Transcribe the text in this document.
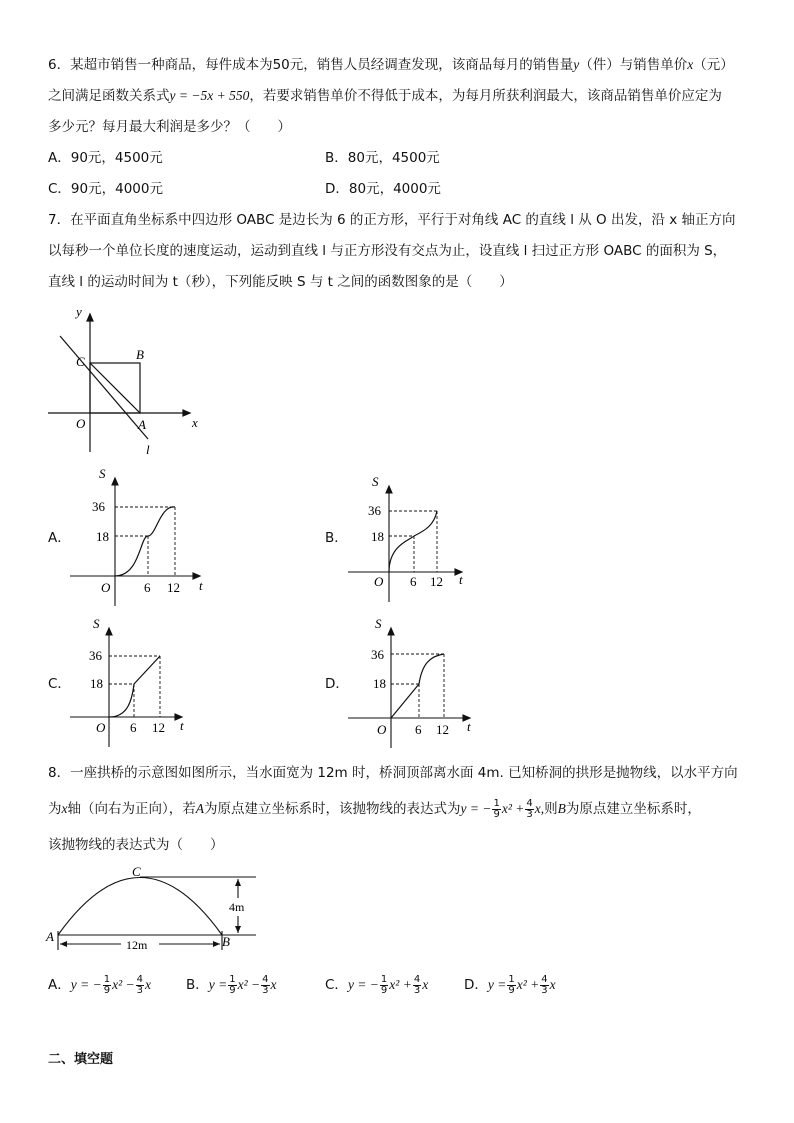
6．某超市销售一种商品，每件成本为50元，销售人员经调查发现，该商品每月的销售量y（件）与销售单价x（元）
之间满足函数关系式y = −5x + 550，若要求销售单价不得低于成本，为每月所获利润最大，该商品销售单价应定为
多少元？每月最大利润是多少？（　　）
A．90元，4500元	B．80元，4500元
C．90元，4000元	D．80元，4000元
7．在平面直角坐标系中四边形 OABC 是边长为 6 的正方形，平行于对角线 AC 的直线 l 从 O 出发，沿 x 轴正方向
以每秒一个单位长度的速度运动，运动到直线 l 与正方形没有交点为止，设直线 l 扫过正方形 OABC 的面积为 S，
直线 l 的运动时间为 t（秒），下列能反映 S 与 t 之间的函数图象的是（　　）
y
x
O	A
B
C
l
A．	B．
C．	D．
S
36
18
O	6 12 t
S
36
18
O 6 12 t
S
36
18
O 6 12 t
S
36
18
O 6 12 t
8．一座拱桥的示意图如图所示，当水面宽为 12m 时，桥洞顶部离水面 4m. 已知桥洞的拱形是抛物线，以水平方向
为x轴（向右为正向），若A为原点建立坐标系时，该抛物线的表达式为y = − $\frac{1}{9} x^2 + \frac{4}{3} x$,则B为原点建立坐标系时，
该抛物线的表达式为（　　）
12m
4m
A	B
C
A．y = − $\frac{1}{9} x^2 - \frac{4}{3}$ x	B．$y = \frac{1}{9} x^2 - \frac{4}{3}$ x	C．y = − $\frac{1}{9} x^2 + \frac{4}{3}$ x	D．$y = \frac{1}{9} x^2 + \frac{4}{3}$ x
二、填空题
